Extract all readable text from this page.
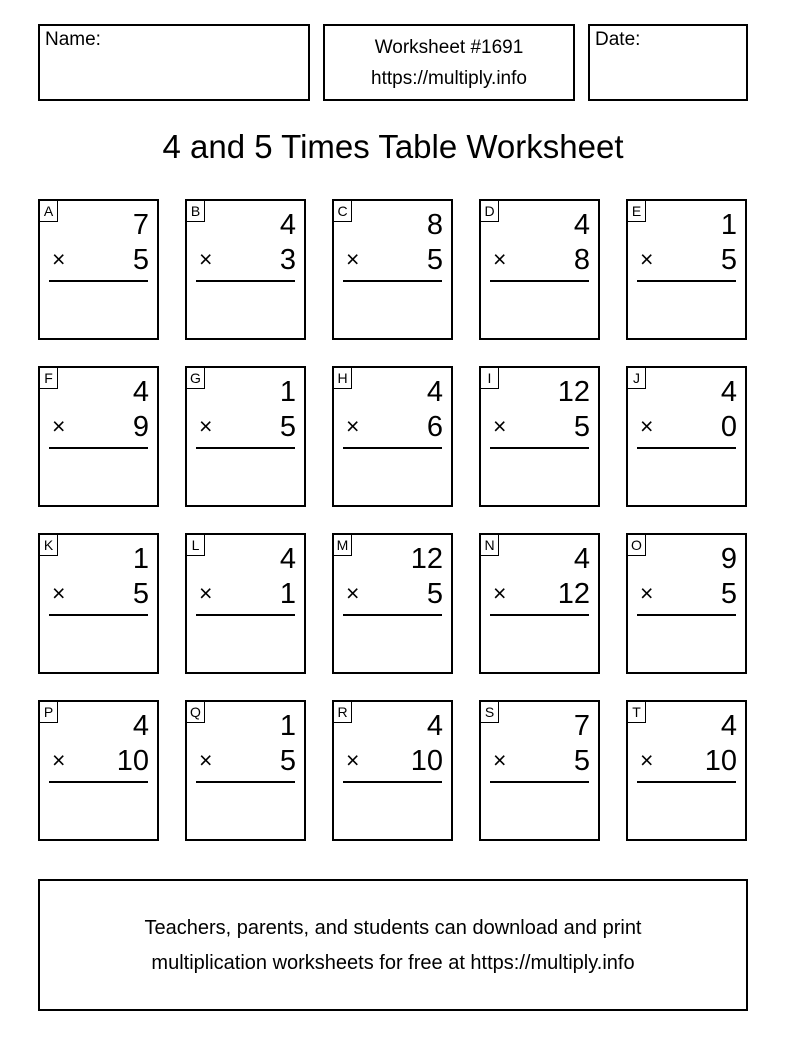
Name:	Worksheet #1691
https://multiply.info
Date:
4 and 5 Times Table Worksheet
A	7
× 5
B	4
× 3
C	8
× 5
D	4
× 8
E	1
× 5
F	4
× 9
G	1
× 5
H	4
× 6
I 12
× 5
J	4
× 0
K	1
× 5
L	4
× 1
M 12
× 5
N	4
× 12
O	9
× 5
P	4
× 10
Q	1
× 5
R	4
× 10
S	7
× 5
T	4
× 10
Teachers, parents, and students can download and print
multiplication worksheets for free at https://multiply.info
